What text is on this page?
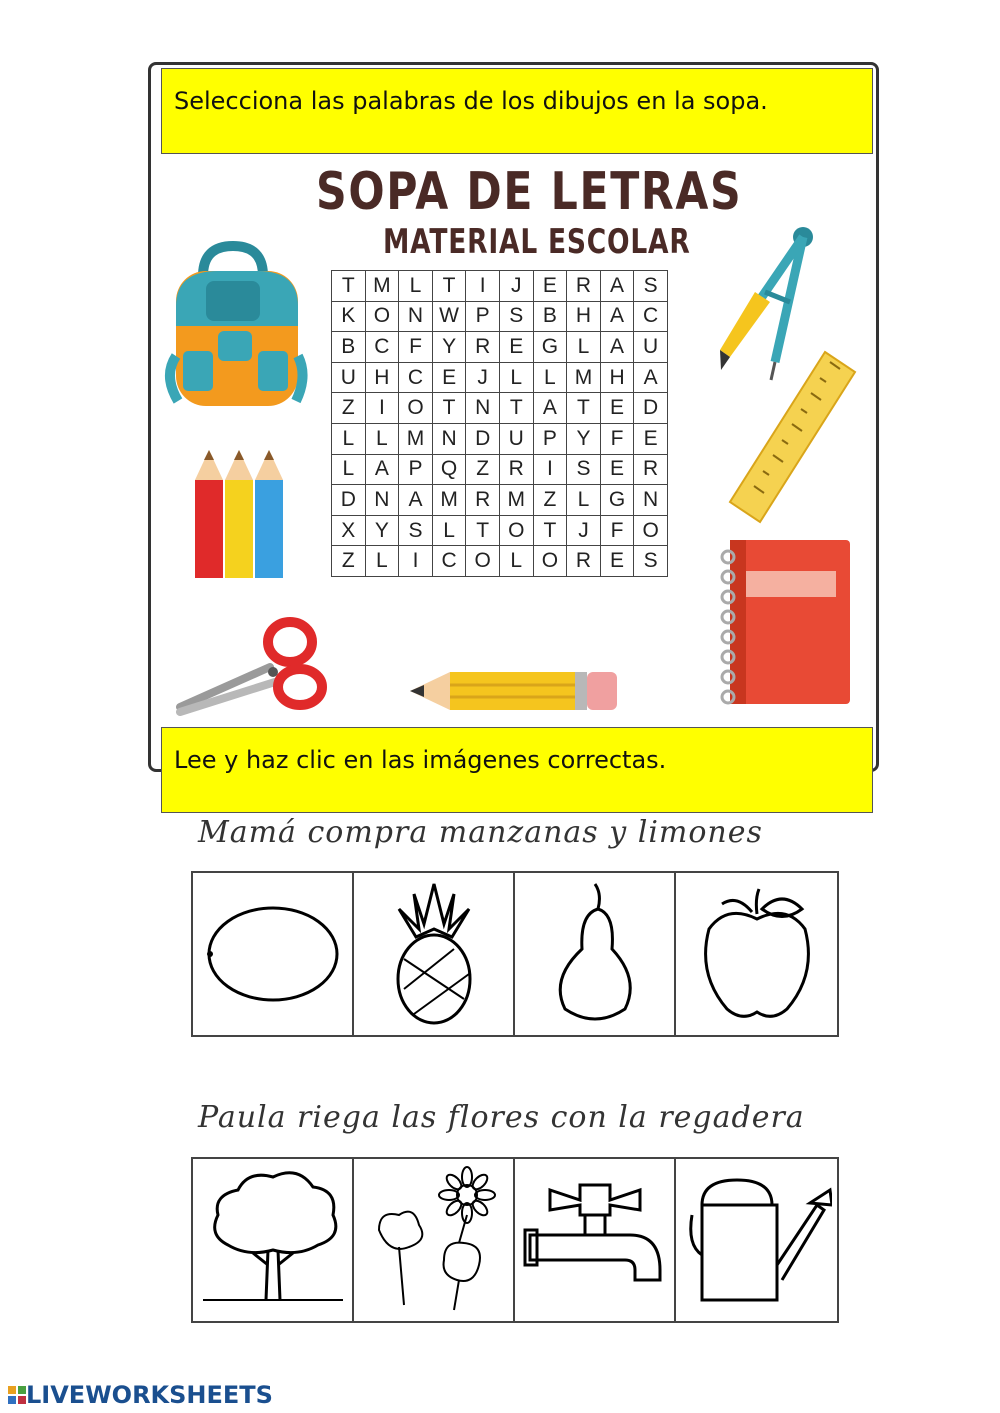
Selecciona las palabras de los dibujos en la sopa.
SOPA DE LETRAS
MATERIAL ESCOLAR
T	M	L	T	I	J	E	R	A	S
K	O	N	W	P	S	B	H	A	C
B	C	F	Y	R	E	G	L	A	U
U	H	C	E	J	L	L	M	H	A
Z	I	O	T	N	T	A	T	E	D
L	L	M	N	D	U	P	Y	F	E
L	A	P	Q	Z	R	I	S	E	R
D	N	A	M	R	M	Z	L	G	N
X	Y	S	L	T	O	T	J	F	O
Z	L	I	C	O	L	O	R	E	S
Lee y haz clic en las imágenes correctas.
Mamá compra manzanas y limones
Paula riega las flores con la regadera
LIVEWORKSHEETS
